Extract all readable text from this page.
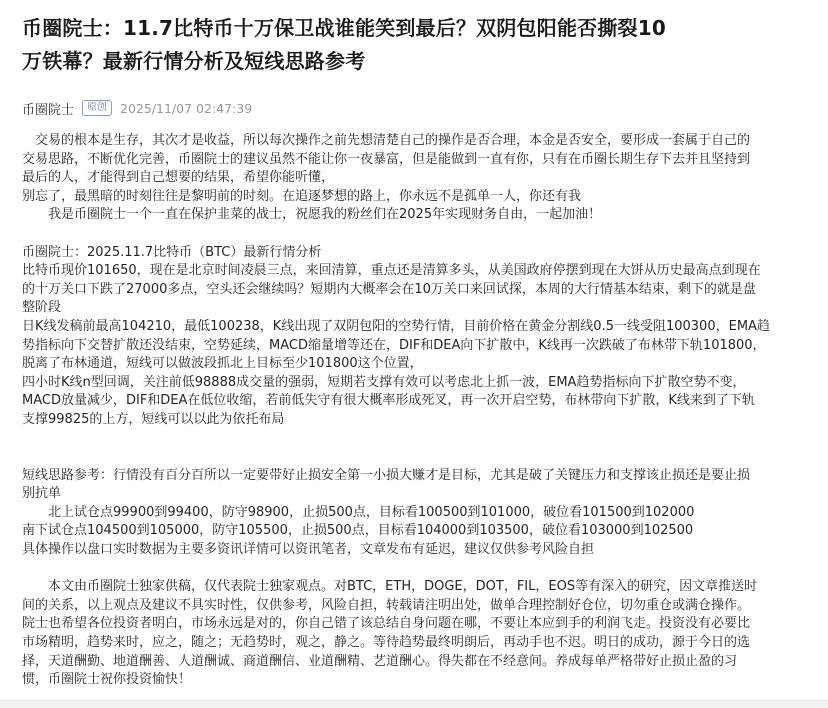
币圈院士：11.7比特币十万保卫战谁能笑到最后？双阴包阳能否撕裂10
万铁幕？最新行情分析及短线思路参考
币圈院士	原创	2025/11/07 02:47:39
　交易的根本是生存，其次才是收益，所以每次操作之前先想清楚自己的操作是否合理，本金是否安全，要形成一套属于自己的
交易思路，不断优化完善，币圈院士的建议虽然不能让你一夜暴富，但是能做到一直有你，只有在币圈长期生存下去并且坚持到
最后的人，才能得到自己想要的结果，希望你能听懂，
别忘了，最黑暗的时刻往往是黎明前的时刻。在追逐梦想的路上，你永远不是孤单一人，你还有我
　　我是币圈院士一个一直在保护韭菜的战士，祝愿我的粉丝们在2025年实现财务自由，一起加油！
币圈院士：2025.11.7比特币（BTC）最新行情分析
比特币现价101650，现在是北京时间凌晨三点，来回清算，重点还是清算多头，从美国政府停摆到现在大饼从历史最高点到现在
的十万关口下跌了27000多点，空头还会继续吗？短期内大概率会在10万关口来回试探，本周的大行情基本结束，剩下的就是盘
整阶段
日K线发稿前最高104210，最低100238，K线出现了双阴包阳的空势行情，目前价格在黄金分割线0.5一线受阻100300，EMA趋
势指标向下交替扩散还没结束，空势延续，MACD缩量增等还在，DIF和DEA向下扩散中，K线再一次跌破了布林带下轨101800，
脱离了布林通道，短线可以做波段抓北上目标至少101800这个位置，
四小时K线n型回调，关注前低98888成交量的强弱，短期若支撑有效可以考虑北上抓一波，EMA趋势指标向下扩散空势不变，
MACD放量减少，DIF和DEA在低位收缩，若前低失守有很大概率形成死叉，再一次开启空势，布林带向下扩散，K线来到了下轨
支撑99825的上方，短线可以以此为依托布局
短线思路参考：行情没有百分百所以一定要带好止损安全第一小损大赚才是目标，尤其是破了关键压力和支撑该止损还是要止损
别抗单
　　北上试仓点99900到99400，防守98900，止损500点，目标看100500到101000，破位看101500到102000
南下试仓点104500到105000，防守105500，止损500点，目标看104000到103500，破位看103000到102500
具体操作以盘口实时数据为主要多资讯详情可以资讯笔者，文章发布有延迟，建议仅供参考风险自担
　　本文由币圈院士独家供稿，仅代表院士独家观点。对BTC，ETH，DOGE，DOT，FIL，EOS等有深入的研究，因文章推送时
间的关系，以上观点及建议不具实时性，仅供参考，风险自担，转载请注明出处，做单合理控制好仓位，切勿重仓或满仓操作。
院士也希望各位投资者明白，市场永远是对的，你自己错了该总结自身问题在哪，不要让本应到手的利润飞走。投资没有必要比
市场精明，趋势来时，应之，随之；无趋势时，观之，静之。等待趋势最终明朗后，再动手也不迟。明日的成功，源于今日的选
择，天道酬勤、地道酬善、人道酬诚、商道酬信、业道酬精、艺道酬心。得失都在不经意间。养成每单严格带好止损止盈的习
惯，币圈院士祝你投资愉快！
